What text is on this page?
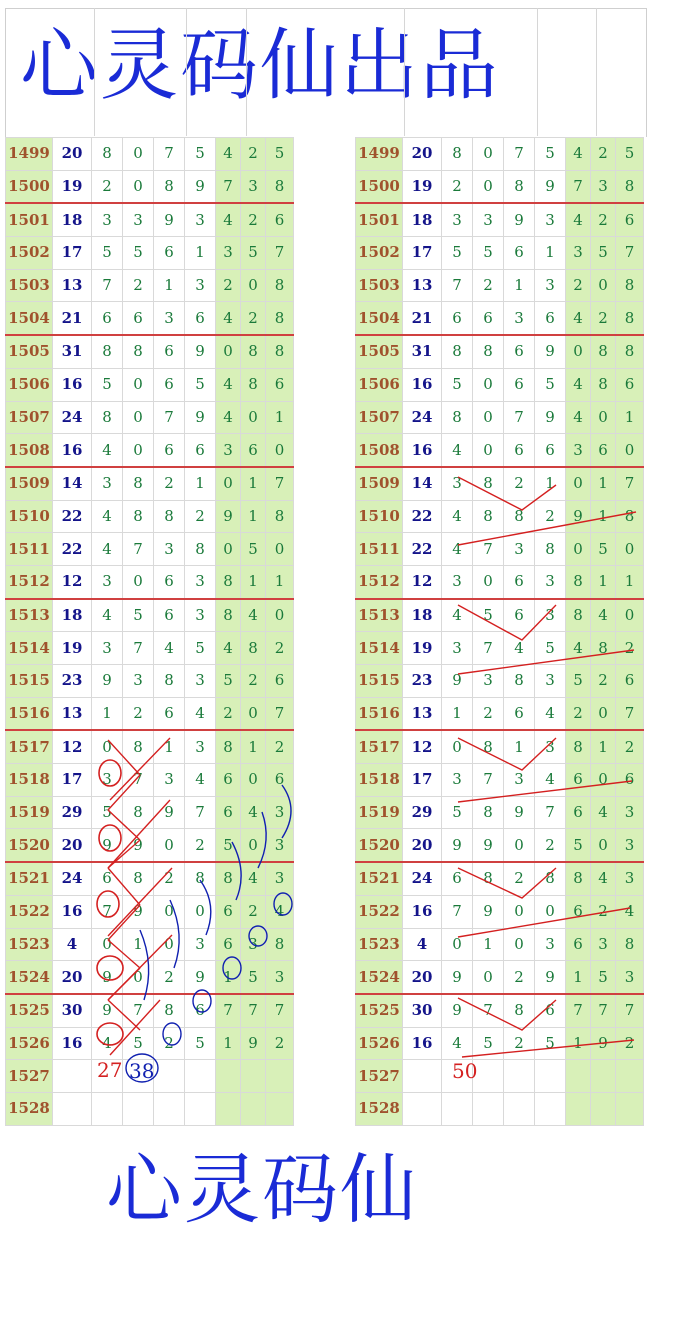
心灵码仙出品
1499	20	8	0	7	5	4	2	5
1500	19	2	0	8	9	7	3	8
1501	18	3	3	9	3	4	2	6
1502	17	5	5	6	1	3	5	7
1503	13	7	2	1	3	2	0	8
1504	21	6	6	3	6	4	2	8
1505	31	8	8	6	9	0	8	8
1506	16	5	0	6	5	4	8	6
1507	24	8	0	7	9	4	0	1
1508	16	4	0	6	6	3	6	0
1509	14	3	8	2	1	0	1	7
1510	22	4	8	8	2	9	1	8
1511	22	4	7	3	8	0	5	0
1512	12	3	0	6	3	8	1	1
1513	18	4	5	6	3	8	4	0
1514	19	3	7	4	5	4	8	2
1515	23	9	3	8	3	5	2	6
1516	13	1	2	6	4	2	0	7
1517	12	0	8	1	3	8	1	2
1518	17	3	7	3	4	6	0	6
1519	29	5	8	9	7	6	4	3
1520	20	9	9	0	2	5	0	3
1521	24	6	8	2	8	8	4	3
1522	16	7	9	0	0	6	2	4
1523	4	0	1	0	3	6	3	8
1524	20	9	0	2	9	1	5	3
1525	30	9	7	8	6	7	7	7
1526	16	4	5	2	5	1	9	2
1527								
1528								
1499	20	8	0	7	5	4	2	5
1500	19	2	0	8	9	7	3	8
1501	18	3	3	9	3	4	2	6
1502	17	5	5	6	1	3	5	7
1503	13	7	2	1	3	2	0	8
1504	21	6	6	3	6	4	2	8
1505	31	8	8	6	9	0	8	8
1506	16	5	0	6	5	4	8	6
1507	24	8	0	7	9	4	0	1
1508	16	4	0	6	6	3	6	0
1509	14	3	8	2	1	0	1	7
1510	22	4	8	8	2	9	1	8
1511	22	4	7	3	8	0	5	0
1512	12	3	0	6	3	8	1	1
1513	18	4	5	6	3	8	4	0
1514	19	3	7	4	5	4	8	2
1515	23	9	3	8	3	5	2	6
1516	13	1	2	6	4	2	0	7
1517	12	0	8	1	3	8	1	2
1518	17	3	7	3	4	6	0	6
1519	29	5	8	9	7	6	4	3
1520	20	9	9	0	2	5	0	3
1521	24	6	8	2	8	8	4	3
1522	16	7	9	0	0	6	2	4
1523	4	0	1	0	3	6	3	8
1524	20	9	0	2	9	1	5	3
1525	30	9	7	8	6	7	7	7
1526	16	4	5	2	5	1	9	2
1527								
1528								
27 38	50
心灵码仙
